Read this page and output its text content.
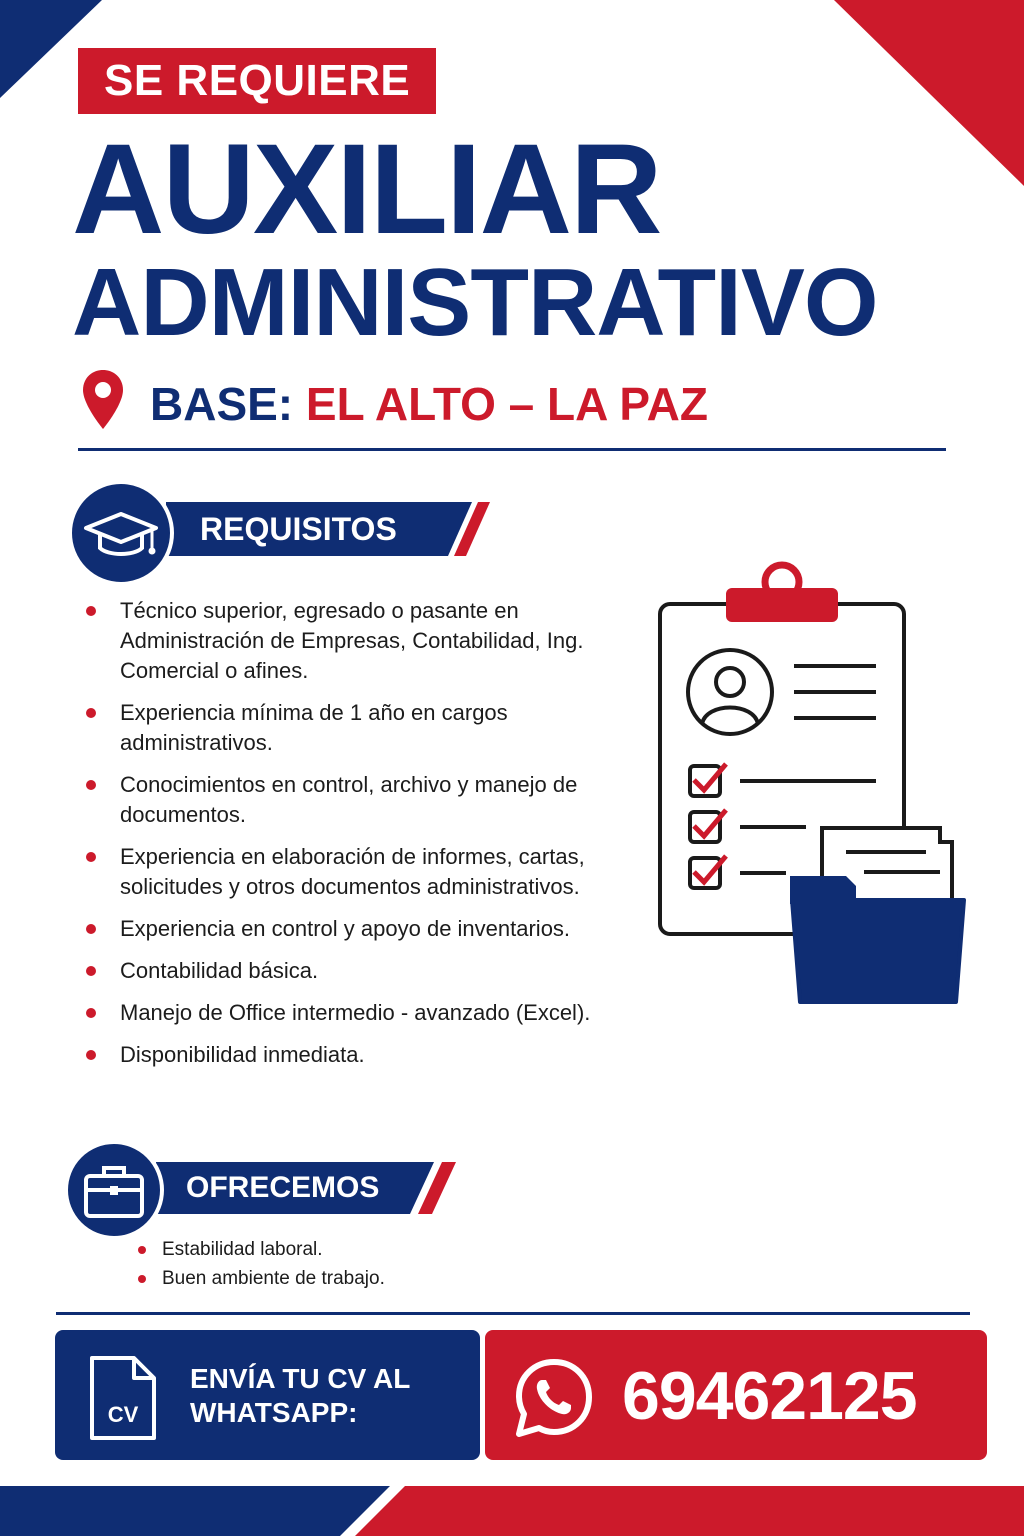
SE REQUIERE
AUXILIAR
ADMINISTRATIVO
BASE: EL ALTO – LA PAZ
REQUISITOS
Técnico superior, egresado o pasante en Administración de Empresas, Contabilidad, Ing. Comercial o afines.
Experiencia mínima de 1 año en cargos administrativos.
Conocimientos en control, archivo y manejo de documentos.
Experiencia en elaboración de informes, cartas, solicitudes y otros documentos administrativos.
Experiencia en control y apoyo de inventarios.
Contabilidad básica.
Manejo de Office intermedio - avanzado (Excel).
Disponibilidad inmediata.
OFRECEMOS
Estabilidad laboral.
Buen ambiente de trabajo.
CV
ENVÍA TU CV AL
WHATSAPP:	69462125
